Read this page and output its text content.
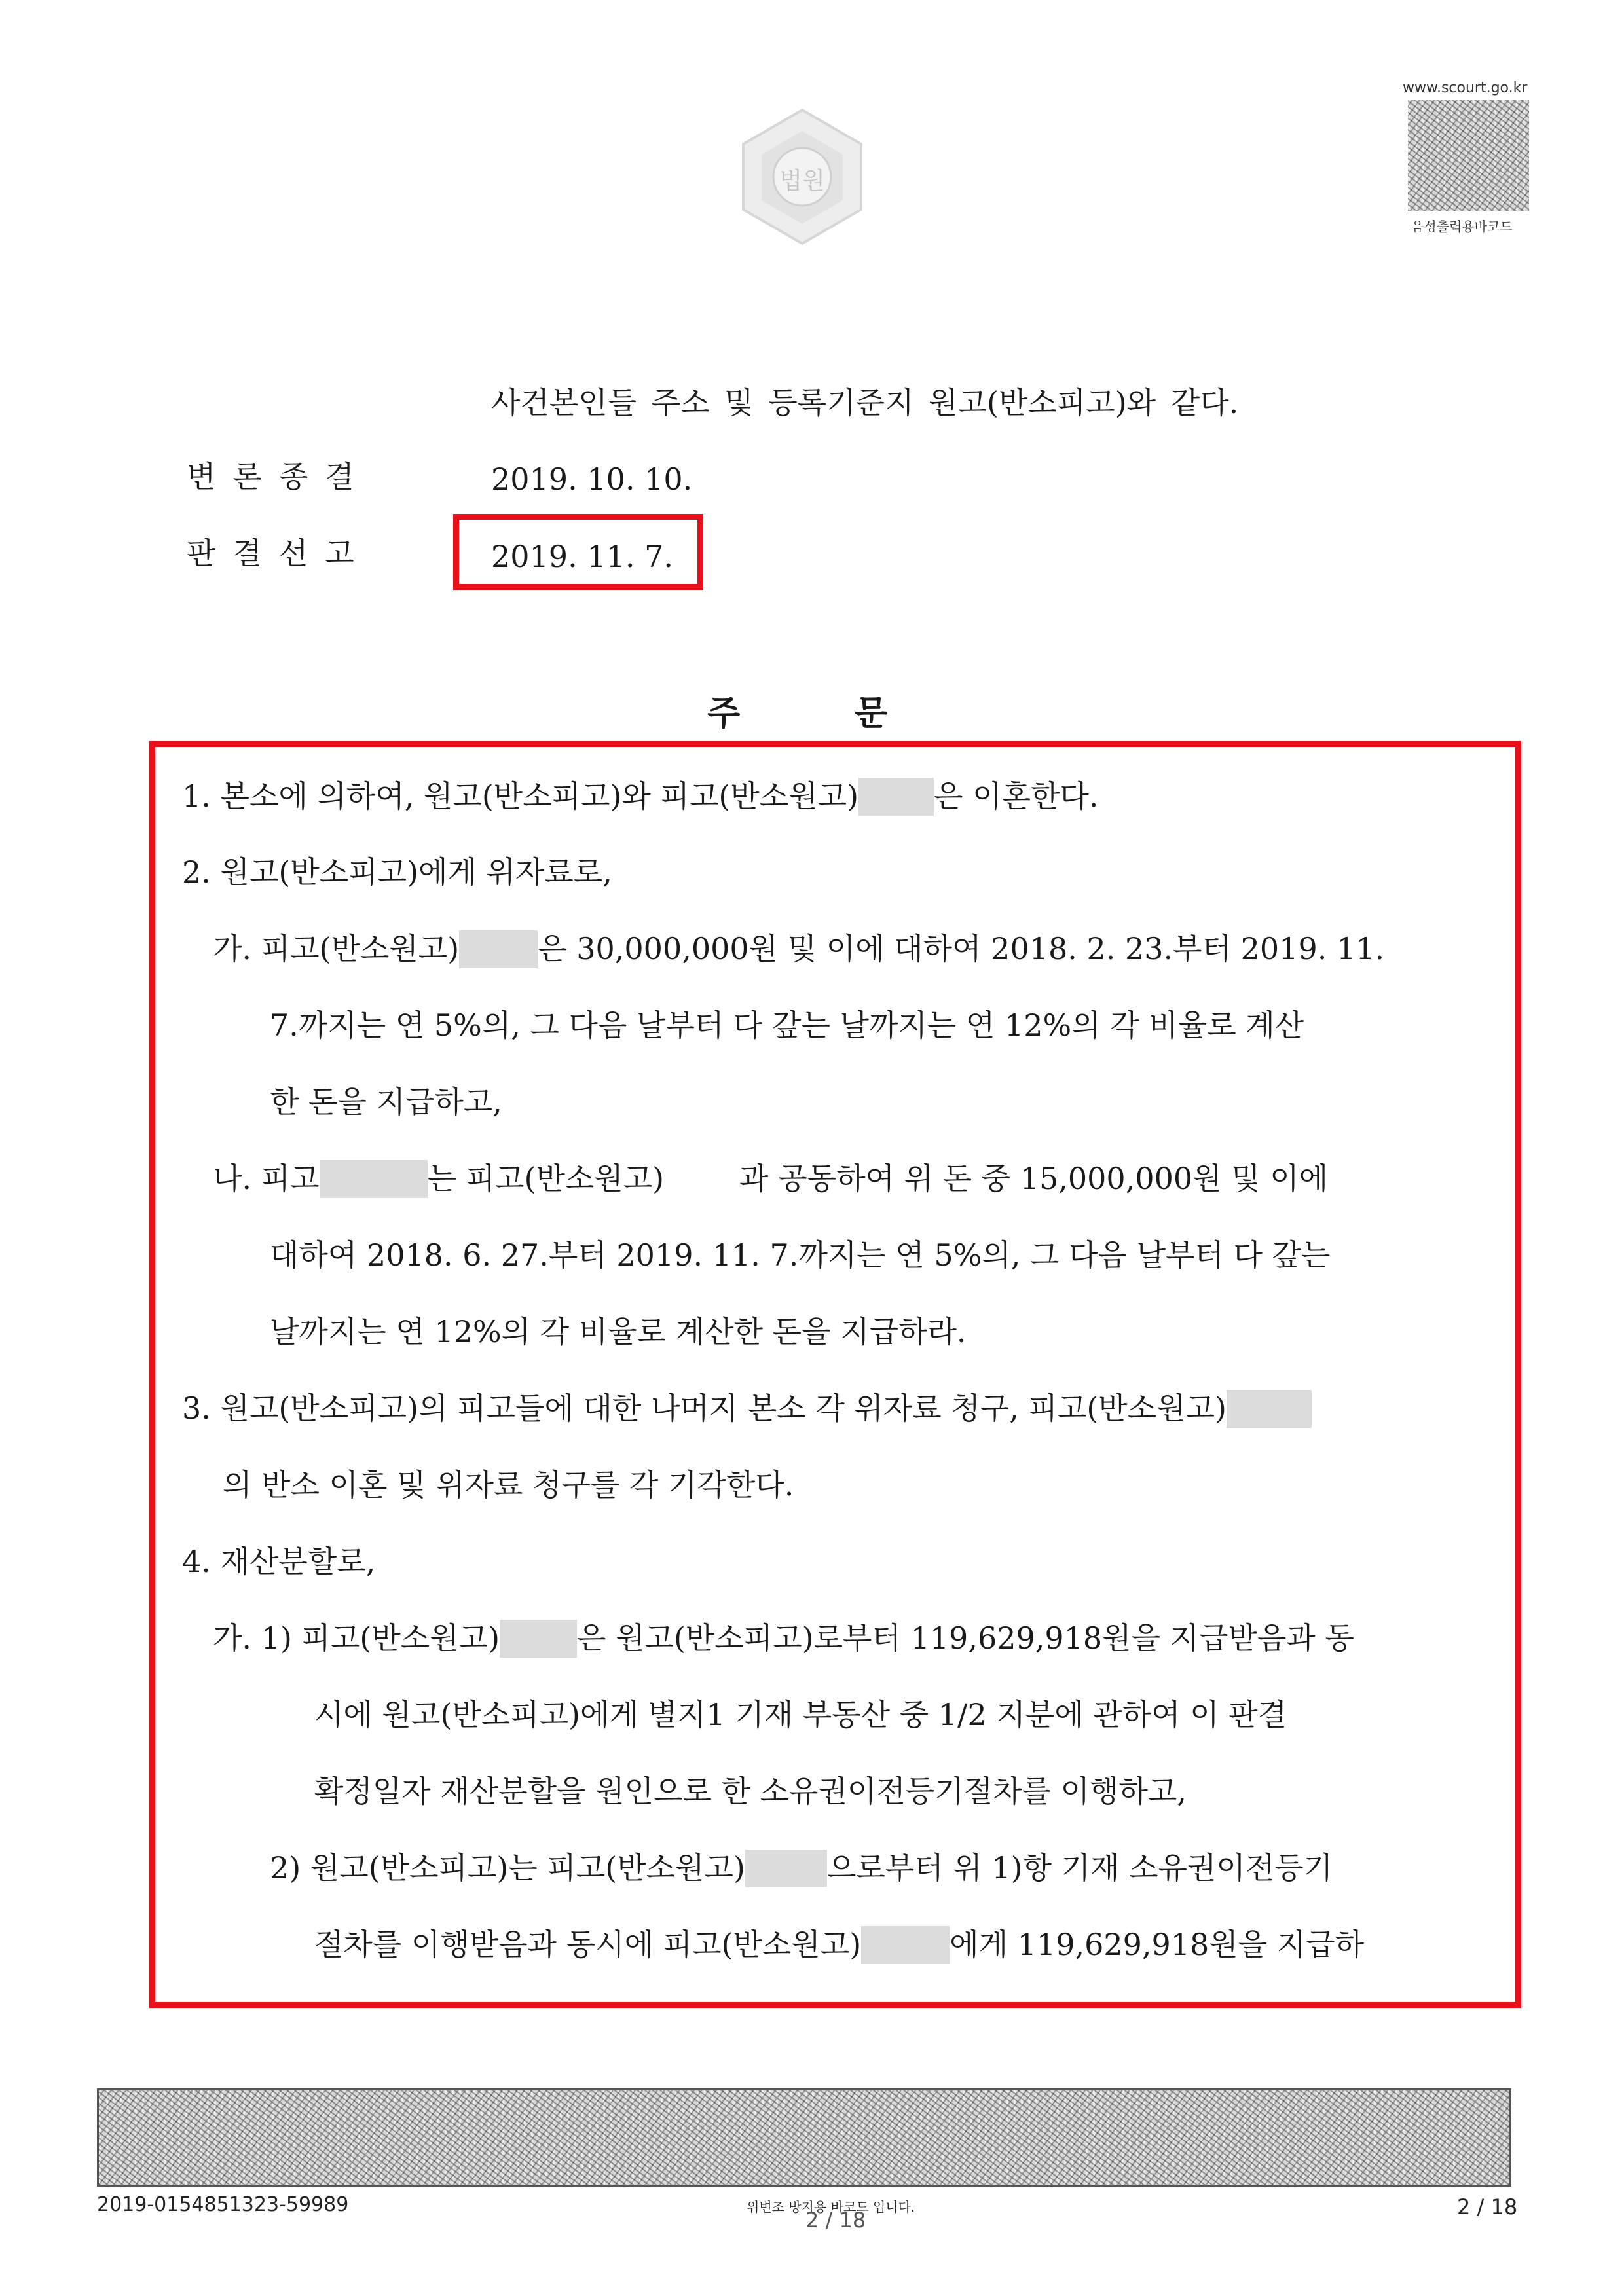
법원
www.scourt.go.kr
음성출력용바코드
사건본인들 주소 및 등록기준지 원고(반소피고)와 같다.
변론종결	2019. 10. 10.
판결선고	2019. 11. 7.
주	문
1. 본소에 의하여, 원고(반소피고)와 피고(반소원고)	은 이혼한다.
2. 원고(반소피고)에게 위자료로,
가. 피고(반소원고)	은 30,000,000원 및 이에 대하여 2018. 2. 23.부터 2019. 11.
7.까지는 연 5%의, 그 다음 날부터 다 갚는 날까지는 연 12%의 각 비율로 계산
한 돈을 지급하고,
나. 피고	는 피고(반소원고)	과 공동하여 위 돈 중 15,000,000원 및 이에
대하여 2018. 6. 27.부터 2019. 11. 7.까지는 연 5%의, 그 다음 날부터 다 갚는
날까지는 연 12%의 각 비율로 계산한 돈을 지급하라.
3. 원고(반소피고)의 피고들에 대한 나머지 본소 각 위자료 청구, 피고(반소원고)
의 반소 이혼 및 위자료 청구를 각 기각한다.
4. 재산분할로,
가. 1) 피고(반소원고)	은 원고(반소피고)로부터 119,629,918원을 지급받음과 동
시에 원고(반소피고)에게 별지1 기재 부동산 중 1/2 지분에 관하여 이 판결
확정일자 재산분할을 원인으로 한 소유권이전등기절차를 이행하고,
2) 원고(반소피고)는 피고(반소원고)	으로부터 위 1)항 기재 소유권이전등기
절차를 이행받음과 동시에 피고(반소원고)	에게 119,629,918원을 지급하
2019-0154851323-59989	위변조 방지용 바코드 입니다.
2 / 18
2 / 18
